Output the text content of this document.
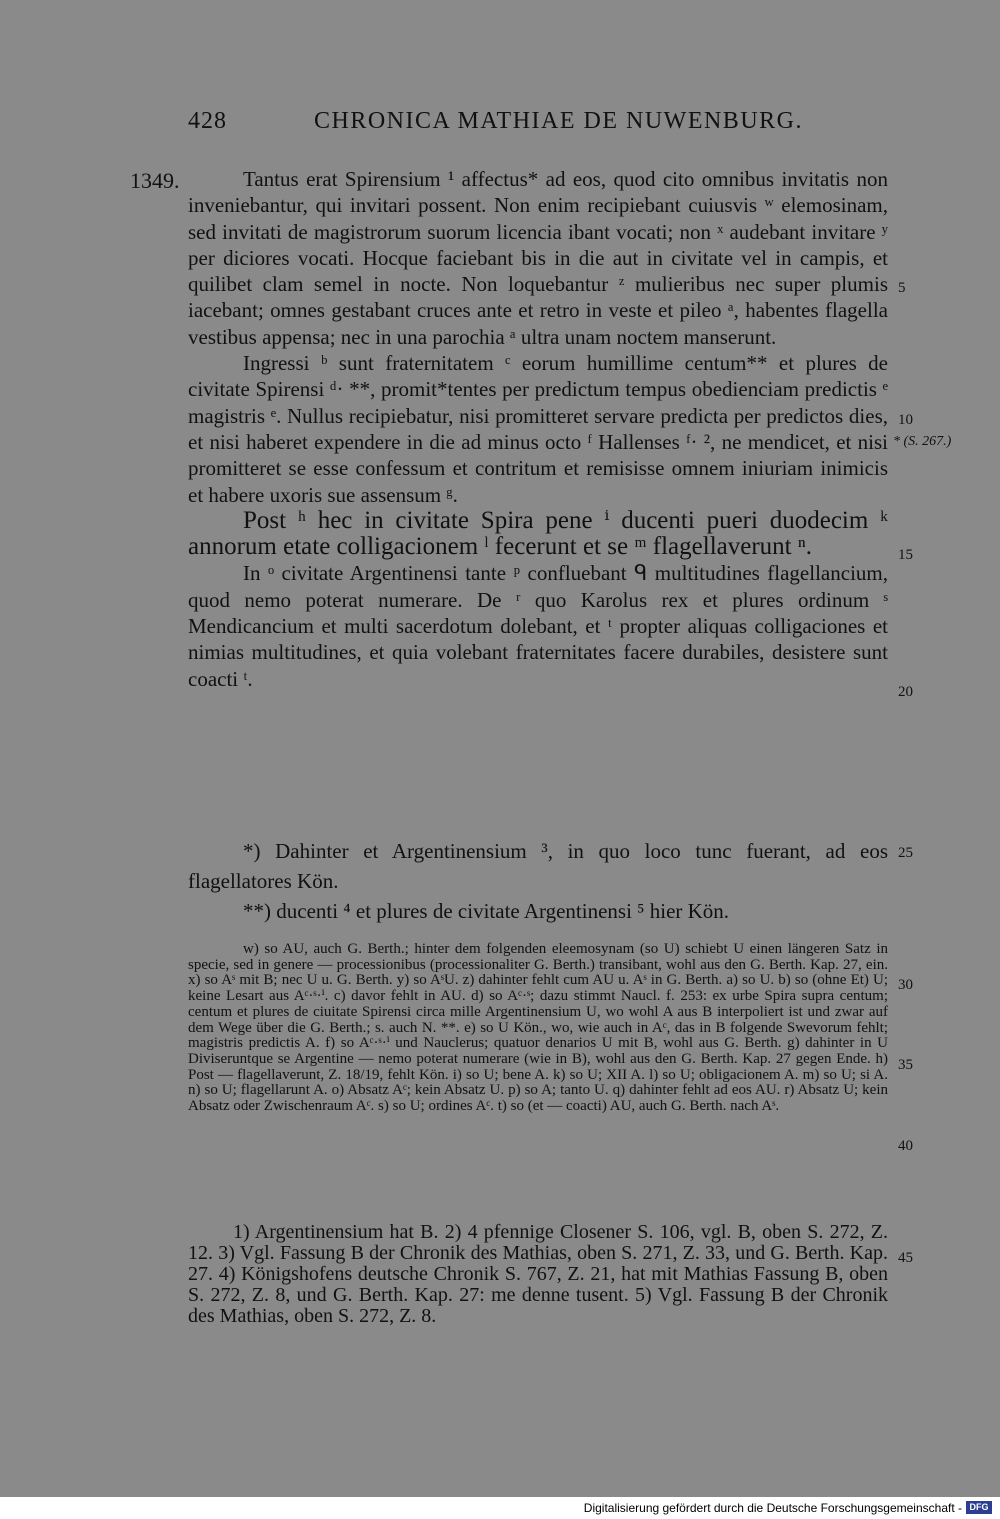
428	CHRONICA MATHIAE DE NUWENBURG.
1349.	Tantus erat Spirensium ¹ affectus* ad eos, quod cito omnibus invitatis non inveniebantur, qui invitari possent. Non enim recipiebant cuiusvis ʷ elemosinam, sed invitati de magistrorum suorum licencia ibant vocati; non ˣ audebant invitare ʸ per diciores vocati. Hocque faciebant bis in die aut in civitate vel in campis, et quilibet clam semel in nocte. Non loquebantur ᶻ mulieribus nec super plumis iacebant; omnes gestabant cruces ante et retro in veste et pileo ᵃ, habentes flagella vestibus appensa; nec in una parochia ᵃ ultra unam noctem manserunt.

Ingressi ᵇ sunt fraternitatem ᶜ eorum humillime centum** et plures de civitate Spirensi ᵈ· **, promit*tentes per predictum tempus obedienciam predictis ᵉ magistris ᵉ. Nullus recipiebatur, nisi promitteret servare predicta per predictos dies, et nisi haberet expendere in die ad minus octo ᶠ Hallenses ᶠ· ², ne mendicet, et nisi promitteret se esse confessum et contritum et remisisse omnem iniuriam inimicis et habere uxoris sue assensum ᵍ.

Post ʰ hec in civitate Spira pene ⁱ ducenti pueri duodecim ᵏ annorum etate colligacionem ˡ fecerunt et se ᵐ flagellaverunt ⁿ.

In ᵒ civitate Argentinensi tante ᵖ confluebant ᑫ multitudines flagellancium, quod nemo poterat numerare. De ʳ quo Karolus rex et plures ordinum ˢ Mendicancium et multi sacerdotum dolebant, et ᵗ propter aliquas colligaciones et nimias multitudines, et quia volebant fraternitates facere durabiles, desistere sunt coacti ᵗ.

5
10
* (S. 267.)
15
20
25
30
35
40
45

*) Dahinter et Argentinensium ³, in quo loco tunc fuerant, ad eos flagellatores Kön.

**) ducenti ⁴ et plures de civitate Argentinensi ⁵ hier Kön.

w) so AU, auch G. Berth.; hinter dem folgenden eleemosynam (so U) schiebt U einen längeren Satz in specie, sed in genere — processionibus (processionaliter G. Berth.) transibant, wohl aus den G. Berth. Kap. 27, ein. x) so Aˢ mit B; nec U u. G. Berth. y) so AˢU. z) dahinter fehlt cum AU u. Aˢ in G. Berth. a) so U. b) so (ohne Et) U; keine Lesart aus Aᶜ·ˢ·ⁱ. c) davor fehlt in AU. d) so Aᶜ·ˢ; dazu stimmt Naucl. f. 253: ex urbe Spira supra centum; centum et plures de ciuitate Spirensi circa mille Argentinensium U, wo wohl A aus B interpoliert ist und zwar auf dem Wege über die G. Berth.; s. auch N. **. e) so U Kön., wo, wie auch in Aᶜ, das in B folgende Swevorum fehlt; magistris predictis A. f) so Aᶜ·ˢ·ⁱ und Nauclerus; quatuor denarios U mit B, wohl aus G. Berth. g) dahinter in U Diviseruntque se Argentine — nemo poterat numerare (wie in B), wohl aus den G. Berth. Kap. 27 gegen Ende. h) Post — flagellaverunt, Z. 18/19, fehlt Kön. i) so U; bene A. k) so U; XII A. l) so U; obligacionem A. m) so U; si A. n) so U; flagellarunt A. o) Absatz Aᶜ; kein Absatz U. p) so A; tanto U. q) dahinter fehlt ad eos AU. r) Absatz U; kein Absatz oder Zwischenraum Aᶜ. s) so U; ordines Aᶜ. t) so (et — coacti) AU, auch G. Berth. nach Aˢ.

1) Argentinensium hat B. 2) 4 pfennige Closener S. 106, vgl. B, oben S. 272, Z. 12. 3) Vgl. Fassung B der Chronik des Mathias, oben S. 271, Z. 33, und G. Berth. Kap. 27. 4) Königshofens deutsche Chronik S. 767, Z. 21, hat mit Mathias Fassung B, oben S. 272, Z. 8, und G. Berth. Kap. 27: me denne tusent. 5) Vgl. Fassung B der Chronik des Mathias, oben S. 272, Z. 8.

Digitalisierung gefördert durch die Deutsche Forschungsgemeinschaft - DFG
